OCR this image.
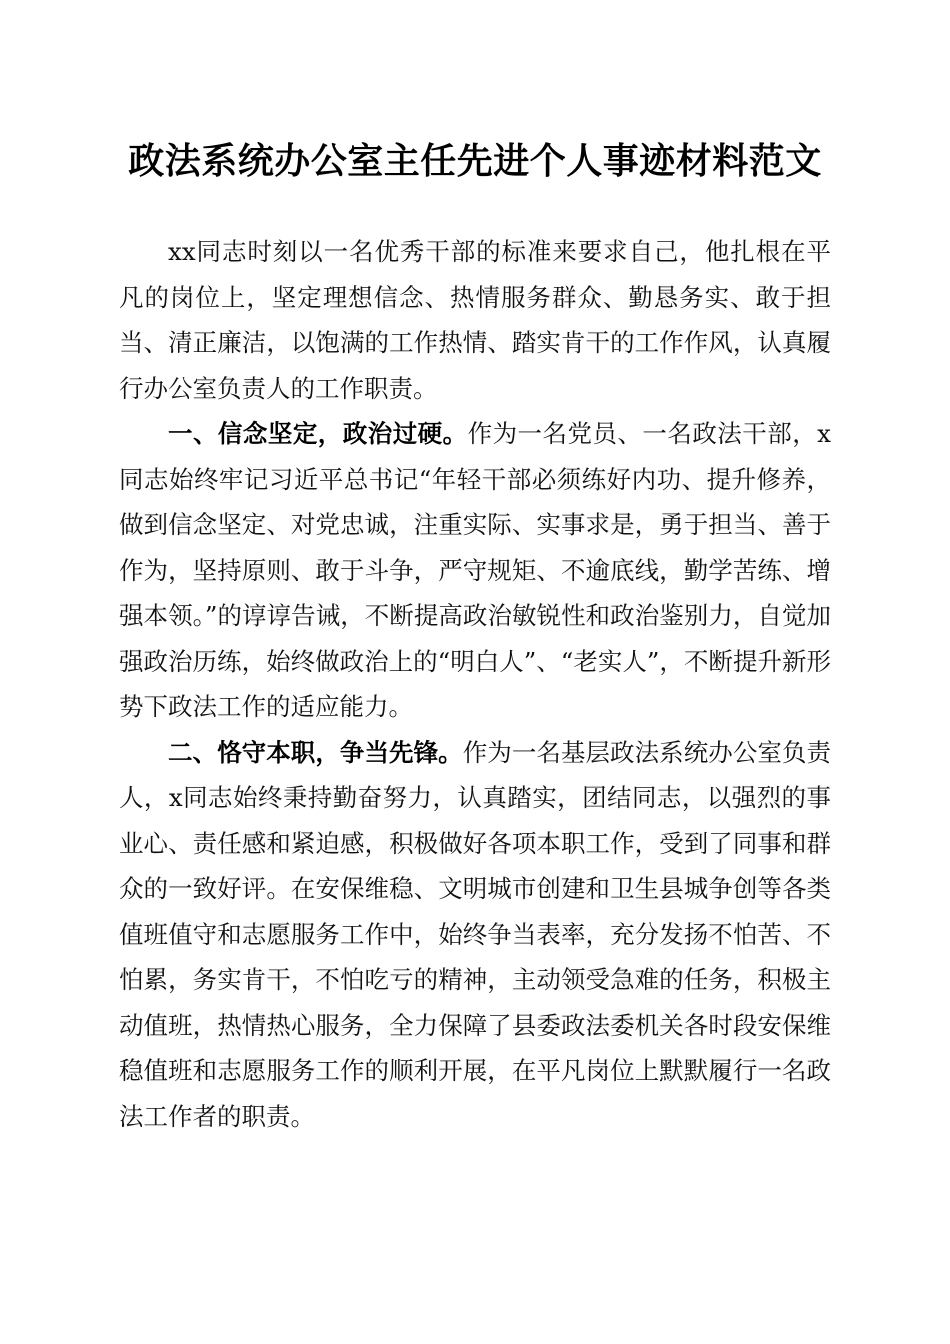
政法系统办公室主任先进个人事迹材料范文

xx同志时刻以一名优秀干部的标准来要求自己，他扎根在平凡的岗位上，坚定理想信念、热情服务群众、勤恳务实、敢于担当、清正廉洁，以饱满的工作热情、踏实肯干的工作作风，认真履行办公室负责人的工作职责。

一、信念坚定，政治过硬。作为一名党员、一名政法干部，x同志始终牢记习近平总书记“年轻干部必须练好内功、提升修养，做到信念坚定、对党忠诚，注重实际、实事求是，勇于担当、善于作为，坚持原则、敢于斗争，严守规矩、不逾底线，勤学苦练、增强本领。”的谆谆告诫，不断提高政治敏锐性和政治鉴别力，自觉加强政治历练，始终做政治上的“明白人”、“老实人”，不断提升新形势下政法工作的适应能力。

二、恪守本职，争当先锋。作为一名基层政法系统办公室负责人，x同志始终秉持勤奋努力，认真踏实，团结同志，以强烈的事业心、责任感和紧迫感，积极做好各项本职工作，受到了同事和群众的一致好评。在安保维稳、文明城市创建和卫生县城争创等各类值班值守和志愿服务工作中，始终争当表率，充分发扬不怕苦、不怕累，务实肯干，不怕吃亏的精神，主动领受急难的任务，积极主动值班，热情热心服务，全力保障了县委政法委机关各时段安保维稳值班和志愿服务工作的顺利开展，在平凡岗位上默默履行一名政法工作者的职责。
